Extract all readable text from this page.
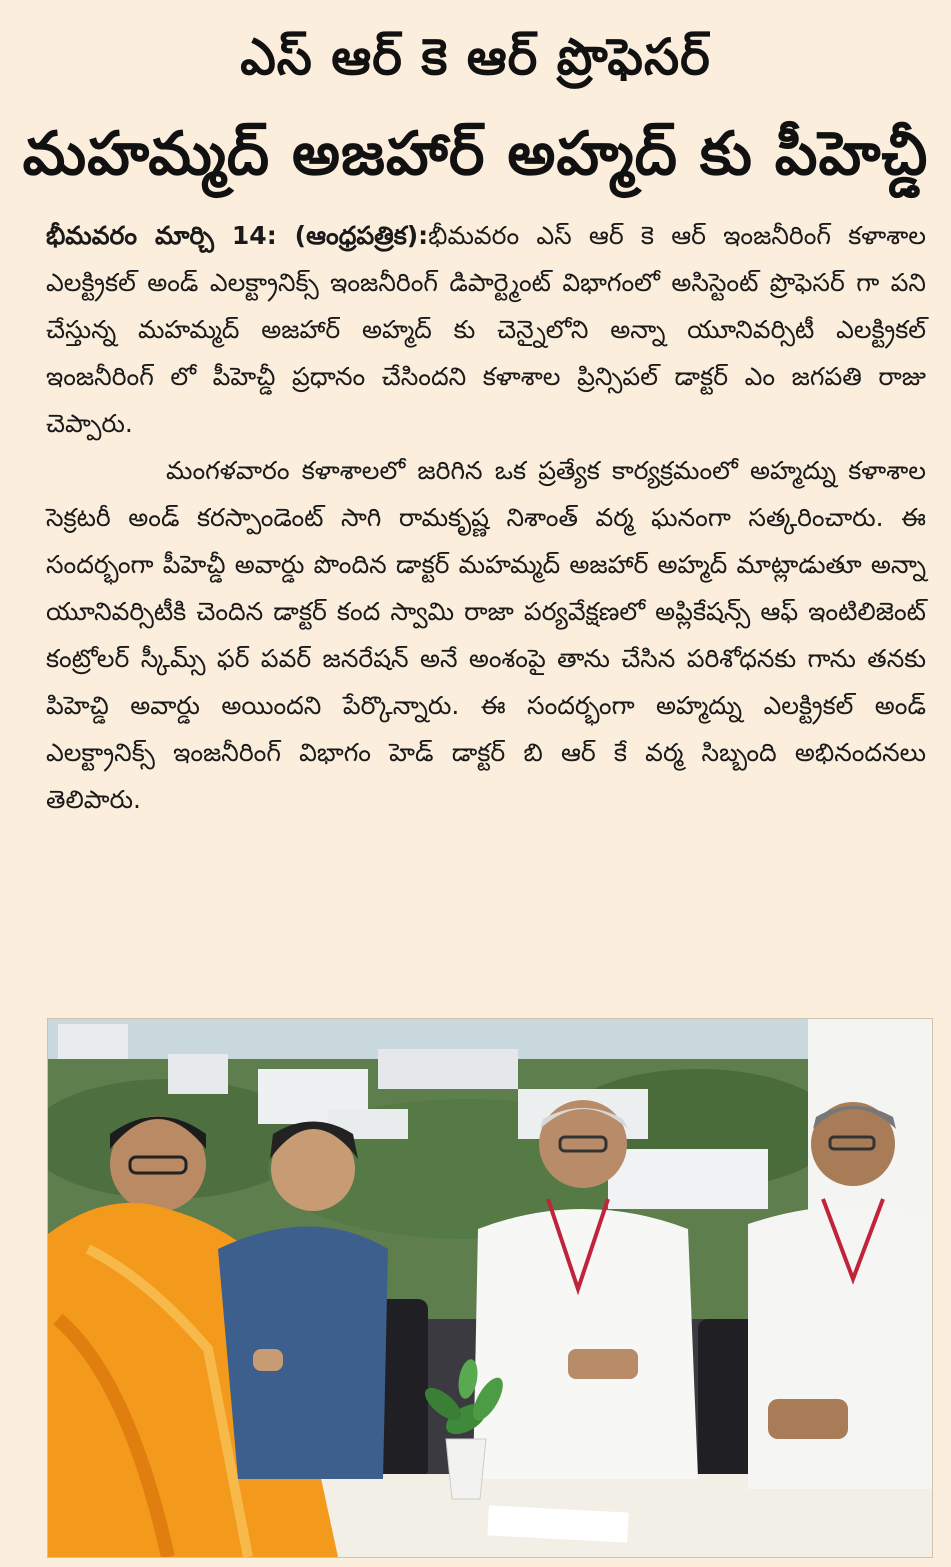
ఎస్ ఆర్ కె ఆర్ ప్రొఫెసర్
మహమ్మద్ అజహార్ అహ్మద్ కు పీహెచ్డీ

భీమవరం మార్చి 14: (ఆంధ్రపత్రిక):భీమవరం ఎస్ ఆర్ కె ఆర్ ఇంజనీరింగ్ కళాశాల ఎలక్ట్రికల్ అండ్ ఎలక్ట్రానిక్స్ ఇంజనీరింగ్ డిపార్ట్మెంట్ విభాగంలో అసిస్టెంట్ ప్రొఫెసర్ గా పని చేస్తున్న మహమ్మద్ అజహార్ అహ్మద్ కు చెన్నైలోని అన్నా యూనివర్సిటీ ఎలక్ట్రికల్ ఇంజనీరింగ్ లో పీహెచ్డీ ప్రధానం చేసిందని కళాశాల ప్రిన్సిపల్ డాక్టర్ ఎం జగపతి రాజు చెప్పారు.

మంగళవారం కళాశాలలో జరిగిన ఒక ప్రత్యేక కార్యక్రమంలో అహ్మద్ను కళాశాల సెక్రటరీ అండ్ కరస్పాండెంట్ సాగి రామకృష్ణ నిశాంత్ వర్మ ఘనంగా సత్కరించారు. ఈ సందర్భంగా పీహెచ్డీ అవార్డు పొందిన డాక్టర్ మహమ్మద్ అజహార్ అహ్మద్ మాట్లాడుతూ అన్నా యూనివర్సిటీకి చెందిన డాక్టర్ కంద స్వామి రాజా పర్యవేక్షణలో అప్లికేషన్స్ ఆఫ్ ఇంటిలిజెంట్ కంట్రోలర్ స్కీమ్స్ ఫర్ పవర్ జనరేషన్ అనే అంశంపై తాను చేసిన పరిశోధనకు గాను తనకు పిహెచ్డి అవార్డు అయిందని పేర్కొన్నారు. ఈ సందర్భంగా అహ్మద్ను ఎలక్ట్రికల్ అండ్ ఎలక్ట్రానిక్స్ ఇంజనీరింగ్ విభాగం హెడ్ డాక్టర్ బి ఆర్ కే వర్మ సిబ్బంది అభినందనలు తెలిపారు.
